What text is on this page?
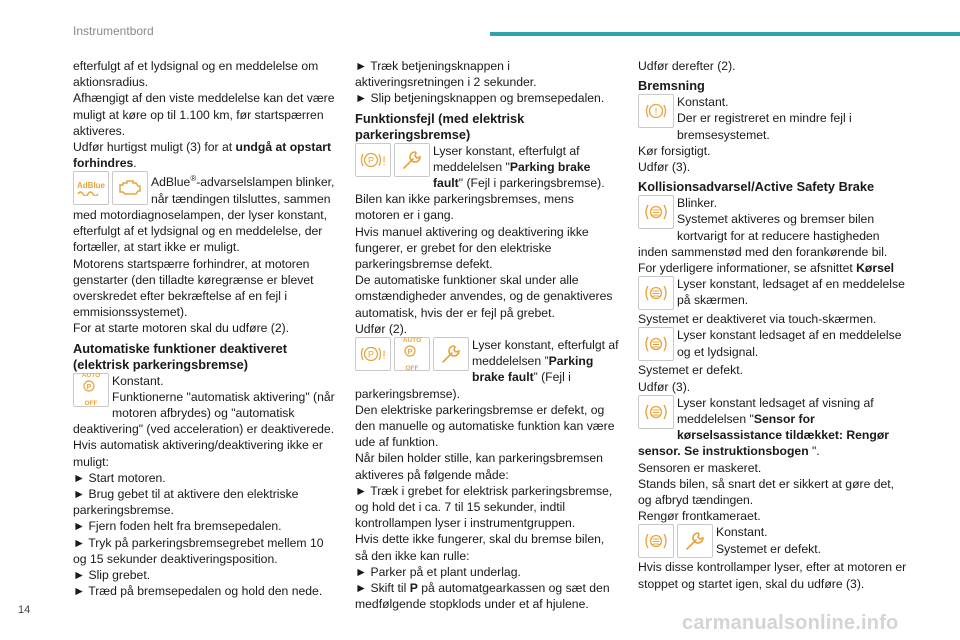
Instrumentbord

efterfulgt af et lydsignal og en meddelelse om aktionsradius.

Afhængigt af den viste meddelelse kan det være muligt at køre op til 1.100 km, før startspærren aktiveres.

Udfør hurtigst muligt (3) for at undgå at opstart forhindres.

AdBlue	AdBlue®-advarselslampen blinker, når tændingen tilsluttes, sammen med motordiagnoselampen, der lyser konstant, efterfulgt af et lydsignal og en meddelelse, der fortæller, at start ikke er muligt.

Motorens startspærre forhindrer, at motoren genstarter (den tilladte køregrænse er blevet overskredet efter bekræftelse af en fejl i emmisionssystemet).

For at starte motoren skal du udføre (2).

Automatiske funktioner deaktiveret (elektrisk parkeringsbremse)

AUTO

P

OFF
Konstant.
Funktionerne "automatisk aktivering" (når motoren afbrydes) og "automatisk deaktivering" (ved acceleration) er deaktiverede.

Hvis automatisk aktivering/deaktivering ikke er muligt:

► Start motoren.

► Brug gebet til at aktivere den elektriske parkeringsbremse.

► Fjern foden helt fra bremsepedalen.

► Tryk på parkeringsbremsegrebet mellem 10 og 15 sekunder deaktiveringsposition.

► Slip grebet.

► Træd på bremsepedalen og hold den nede.

► Træk betjeningsknappen i aktiveringsretningen i 2 sekunder.

► Slip betjeningsknappen og bremsepedalen.

Funktionsfejl (med elektrisk parkeringsbremse)

P !
Lyser konstant, efterfulgt af meddelelsen "Parking brake fault" (Fejl i parkeringsbremse).

Bilen kan ikke parkeringsbremses, mens motoren er i gang.

Hvis manuel aktivering og deaktivering ikke fungerer, er grebet for den elektriske parkeringsbremse defekt.

De automatiske funktioner skal under alle omstændigheder anvendes, og de genaktiveres automatisk, hvis der er fejl på grebet.

Udfør (2).

P !
AUTO

P

OFF
Lyser konstant, efterfulgt af meddelelsen ”Parking brake fault” (Fejl i parkeringsbremse).

Den elektriske parkeringsbremse er defekt, og den manuelle og automatiske funktion kan være ude af funktion.

Når bilen holder stille, kan parkeringsbremsen aktiveres på følgende måde:

► Træk i grebet for elektrisk parkeringsbremse, og hold det i ca. 7 til 15 sekunder, indtil kontrollampen lyser i instrumentgruppen.

Hvis dette ikke fungerer, skal du bremse bilen, så den ikke kan rulle:

► Parker på et plant underlag.

► Skift til P på automatgearkassen og sæt den medfølgende stopklods under et af hjulene.

Udfør derefter (2).

Bremsning

!
Konstant.
Der er registreret en mindre fejl i bremsesystemet.

Kør forsigtigt.

Udfør (3).

Kollisionsadvarsel/Active Safety Brake

Blinker.
Systemet aktiveres og bremser bilen kortvarigt for at reducere hastigheden inden sammenstød med den forankørende bil.

For yderligere informationer, se afsnittet Kørsel

Lyser konstant, ledsaget af en meddelelse på skærmen.

Systemet er deaktiveret via touch-skærmen.

Lyser konstant ledsaget af en meddelelse og et lydsignal.

Systemet er defekt.

Udfør (3).

Lyser konstant ledsaget af visning af meddelelsen "Sensor for kørselsassistance tildækket: Rengør sensor. Se instruktionsbogen ".

Sensoren er maskeret.

Stands bilen, så snart det er sikkert at gøre det, og afbryd tændingen.

Rengør frontkameraet.

Konstant.
Systemet er defekt.

Hvis disse kontrollamper lyser, efter at motoren er stoppet og startet igen, skal du udføre (3).

14
carmanualsonline.info
